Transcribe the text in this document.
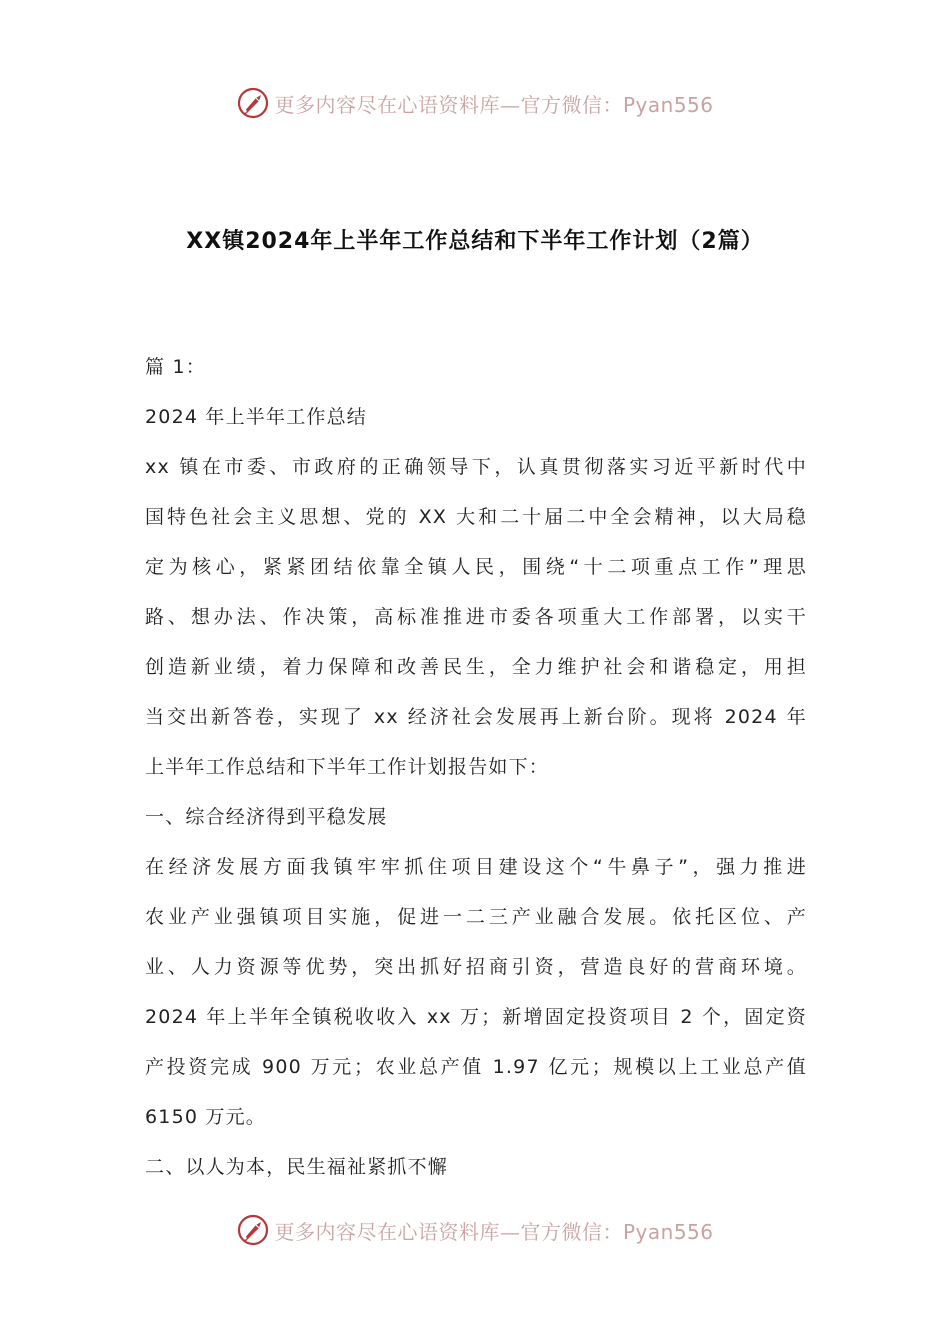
更多内容尽在心语资料库—官方微信：Pyan556
XX镇2024年上半年工作总结和下半年工作计划（2篇）
篇 1：
2024 年上半年工作总结
xx 镇在市委、市政府的正确领导下，认真贯彻落实习近平新时代中
国特色社会主义思想、党的 XX 大和二十届二中全会精神，以大局稳
定为核心，紧紧团结依靠全镇人民，围绕“十二项重点工作”理思
路、想办法、作决策，高标准推进市委各项重大工作部署，以实干
创造新业绩，着力保障和改善民生，全力维护社会和谐稳定，用担
当交出新答卷，实现了 xx 经济社会发展再上新台阶。现将 2024 年
上半年工作总结和下半年工作计划报告如下：
一、综合经济得到平稳发展
在经济发展方面我镇牢牢抓住项目建设这个“牛鼻子”，强力推进
农业产业强镇项目实施，促进一二三产业融合发展。依托区位、产
业、人力资源等优势，突出抓好招商引资，营造良好的营商环境。
2024 年上半年全镇税收收入 xx 万；新增固定投资项目 2 个，固定资
产投资完成 900 万元；农业总产值 1.97 亿元；规模以上工业总产值
6150 万元。
二、以人为本，民生福祉紧抓不懈
更多内容尽在心语资料库—官方微信：Pyan556
